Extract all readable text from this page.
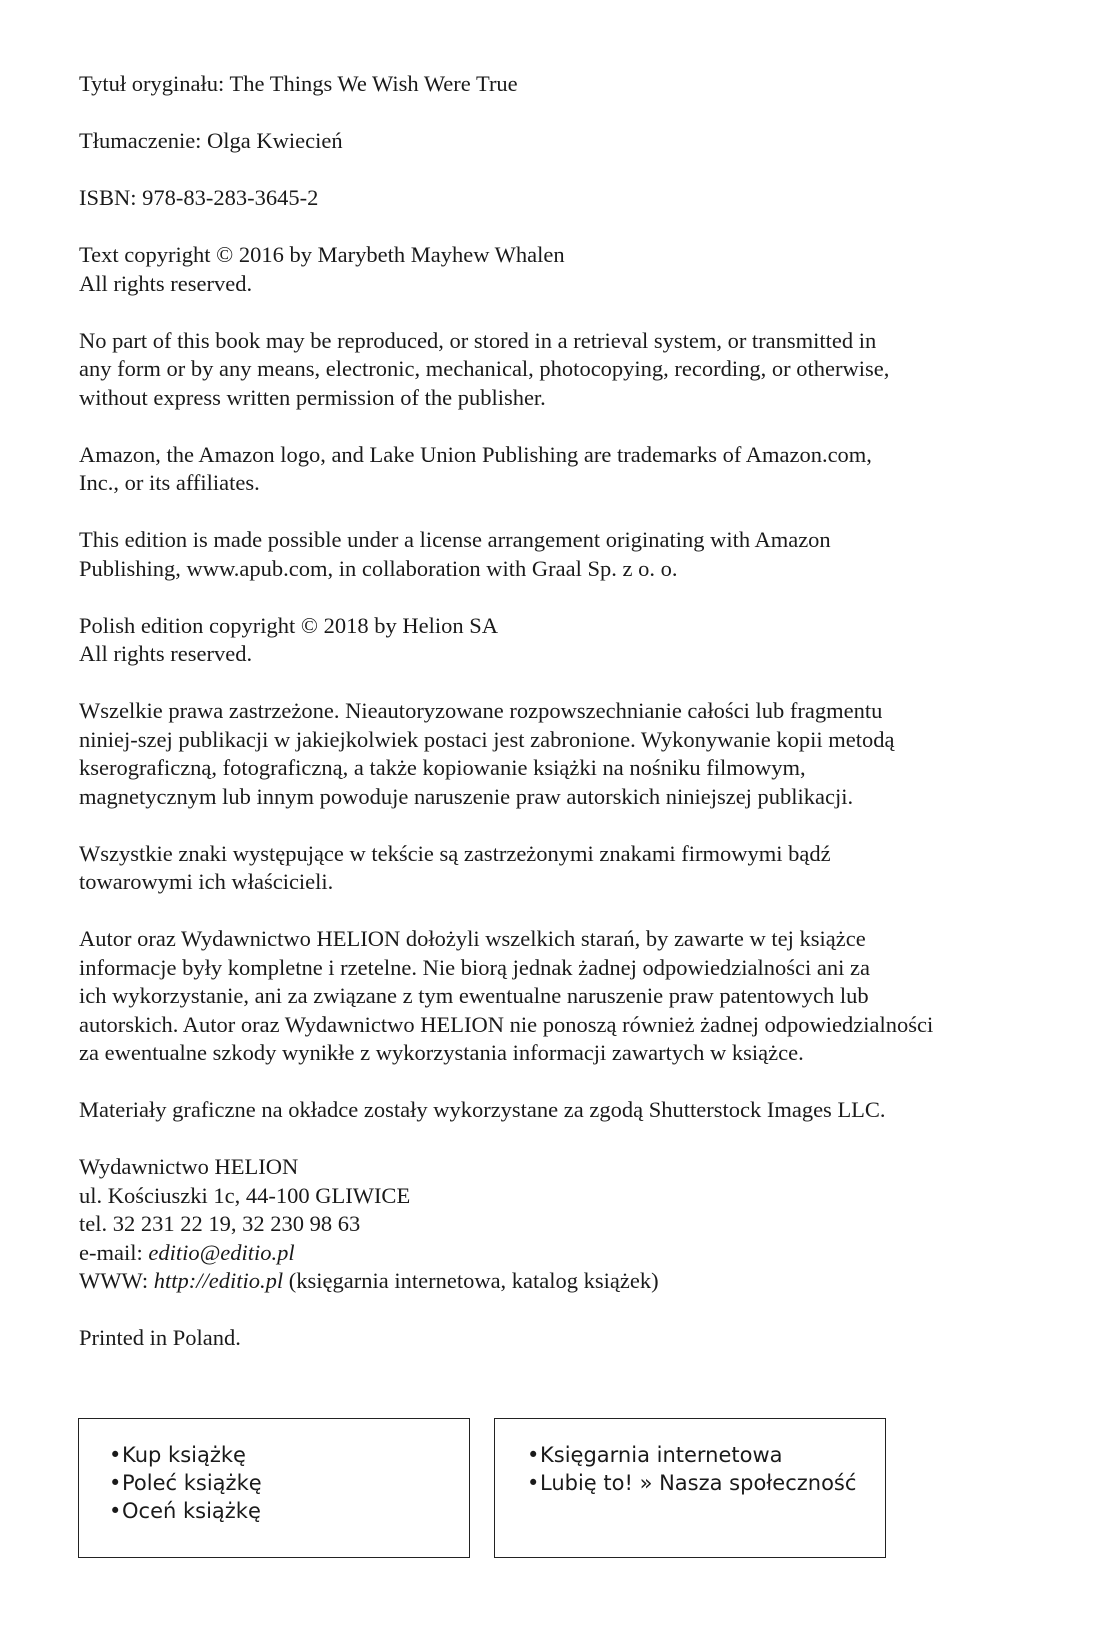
Tytuł oryginału: The Things We Wish Were True

Tłumaczenie: Olga Kwiecień

ISBN: 978-83-283-3645-2

Text copyright © 2016 by Marybeth Mayhew Whalen
All rights reserved.

No part of this book may be reproduced, or stored in a retrieval system, or transmitted in
any form or by any means, electronic, mechanical, photocopying, recording, or otherwise,
without express written permission of the publisher.

Amazon, the Amazon logo, and Lake Union Publishing are trademarks of Amazon.com,
Inc., or its affiliates.

This edition is made possible under a license arrangement originating with Amazon
Publishing, www.apub.com, in collaboration with Graal Sp. z o. o.

Polish edition copyright © 2018 by Helion SA
All rights reserved.

Wszelkie prawa zastrzeżone. Nieautoryzowane rozpowszechnianie całości lub fragmentu
niniej-szej publikacji w jakiejkolwiek postaci jest zabronione. Wykonywanie kopii metodą
kserograficzną, fotograficzną, a także kopiowanie książki na nośniku filmowym,
magnetycznym lub innym powoduje naruszenie praw autorskich niniejszej publikacji.

Wszystkie znaki występujące w tekście są zastrzeżonymi znakami firmowymi bądź
towarowymi ich właścicieli.

Autor oraz Wydawnictwo HELION dołożyli wszelkich starań, by zawarte w tej książce
informacje były kompletne i rzetelne. Nie biorą jednak żadnej odpowiedzialności ani za
ich wykorzystanie, ani za związane z tym ewentualne naruszenie praw patentowych lub
autorskich. Autor oraz Wydawnictwo HELION nie ponoszą również żadnej odpowiedzialności
za ewentualne szkody wynikłe z wykorzystania informacji zawartych w książce.

Materiały graficzne na okładce zostały wykorzystane za zgodą Shutterstock Images LLC.

Wydawnictwo HELION
ul. Kościuszki 1c, 44-100 GLIWICE
tel. 32 231 22 19, 32 230 98 63
e-mail: editio@editio.pl
WWW: http://editio.pl (księgarnia internetowa, katalog książek)

Printed in Poland.

•Kup książkę
•Poleć książkę
•Oceń książkę
•Księgarnia internetowa
•Lubię to! » Nasza społeczność
